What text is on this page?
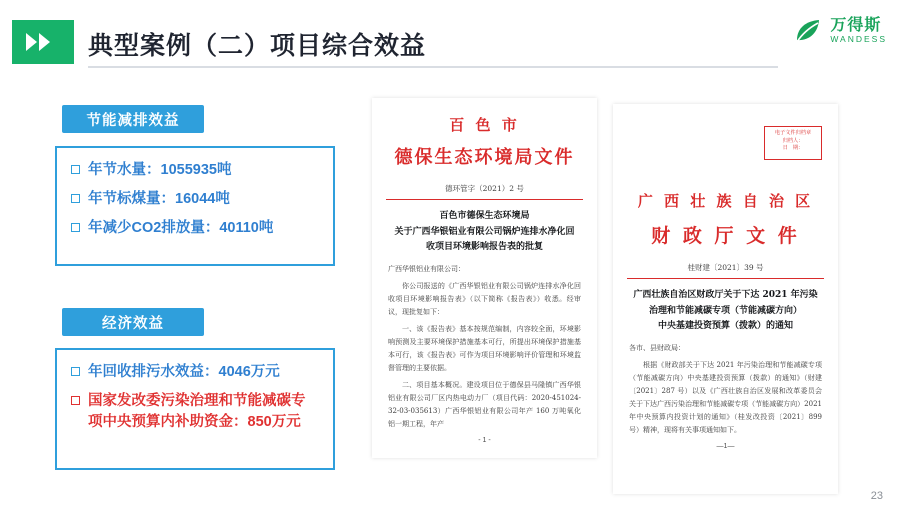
典型案例（二）项目综合效益
万得斯
WANDESS
节能减排效益
年节水量：1055935吨
年节标煤量：16044吨
年减少CO2排放量：40110吨
经济效益
年回收排污水效益：4046万元
国家发改委污染治理和节能减碳专项中央预算内补助资金：850万元
百 色 市
德保生态环境局文件
德环管字（2021）2 号
百色市德保生态环境局
关于广西华银铝业有限公司锅炉连排水净化回
收项目环境影响报告表的批复

广西华银铝业有限公司：

你公司报送的《广西华银铝业有限公司锅炉连排水净化回收项目环境影响报告表》（以下简称《报告表》）收悉。经审议，现批复如下：

一、该《报告表》基本按规范编制，内容较全面，环境影响预测及主要环境保护措施基本可行，所提出环境保护措施基本可行，该《报告表》可作为项目环境影响评价管理和环境监督管理的主要依据。

二、项目基本概况。建设项目位于德保县马隆镇广西华银铝业有限公司厂区内热电动力厂（项目代码：2020-451024-32-03-035613）广西华银铝业有限公司年产 160 万吨氧化铝一期工程，年产

- 1 -
电子文件归档章
归档人：
日   期：
广 西 壮 族 自 治 区
财 政 厅 文 件
桂财建〔2021〕39 号
广西壮族自治区财政厅关于下达 2021 年污染
治理和节能减碳专项（节能减碳方向）
中央基建投资预算（拨款）的通知

各市、县财政局：

根据《财政部关于下达 2021 年污染治理和节能减碳专项（节能减碳方向）中央基建投资预算（拨款）的通知》（财建〔2021〕287 号）以及《广西壮族自治区发展和改革委员会关于下达广西污染治理和节能减碳专项（节能减碳方向）2021 年中央预算内投资计划的通知》（桂发改投资〔2021〕899 号）精神，现将有关事项通知如下。

—1—
23
